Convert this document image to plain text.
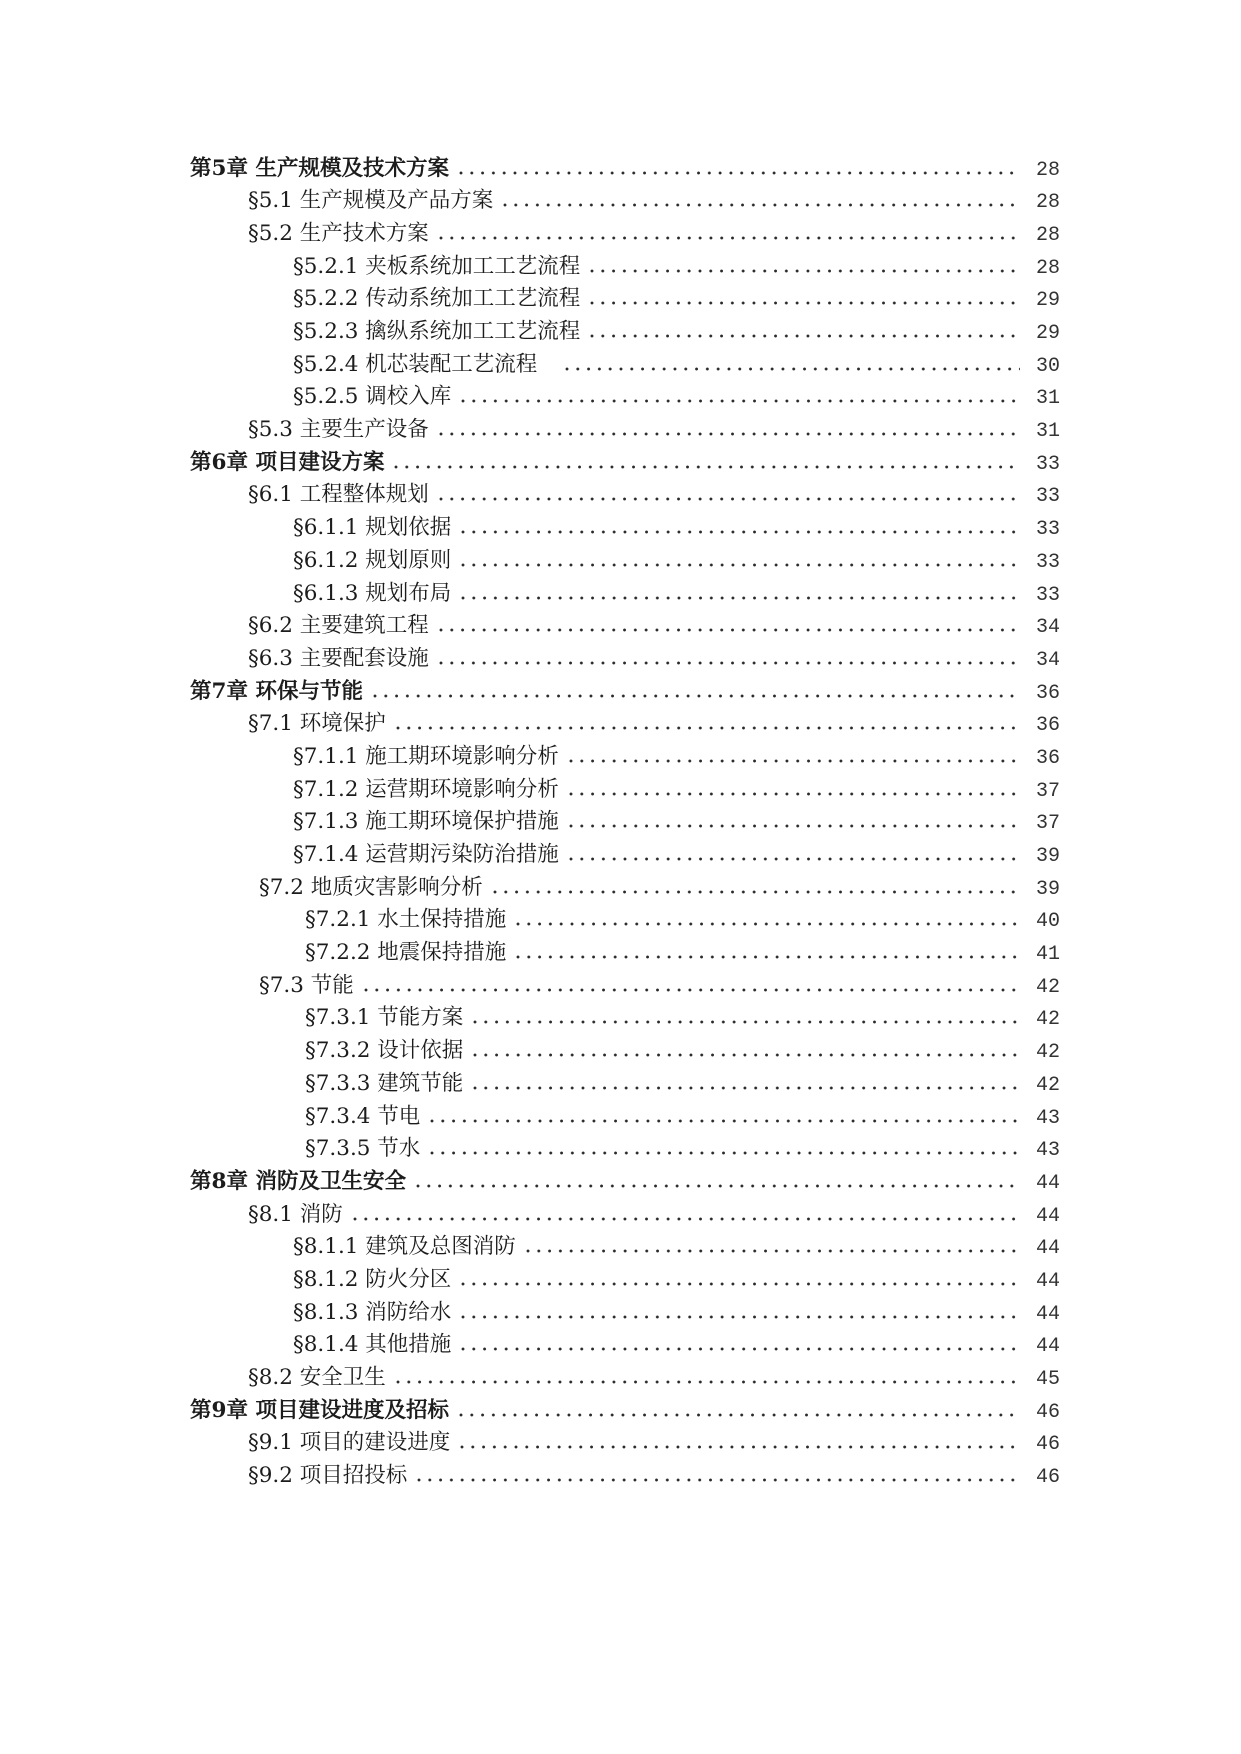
第5章 生产规模及技术方案	28
§5.1 生产规模及产品方案	28
§5.2 生产技术方案	28
§5.2.1 夹板系统加工工艺流程	28
§5.2.2 传动系统加工工艺流程	29
§5.2.3 擒纵系统加工工艺流程	29
§5.2.4 机芯装配工艺流程	30
§5.2.5 调校入库	31
§5.3 主要生产设备	31
第6章 项目建设方案	33
§6.1 工程整体规划	33
§6.1.1 规划依据	33
§6.1.2 规划原则	33
§6.1.3 规划布局	33
§6.2 主要建筑工程	34
§6.3 主要配套设施	34
第7章 环保与节能	36
§7.1 环境保护	36
§7.1.1 施工期环境影响分析	36
§7.1.2 运营期环境影响分析	37
§7.1.3 施工期环境保护措施	37
§7.1.4 运营期污染防治措施	39
§7.2 地质灾害影响分析	39
§7.2.1 水土保持措施	40
§7.2.2 地震保持措施	41
§7.3 节能	42
§7.3.1 节能方案	42
§7.3.2 设计依据	42
§7.3.3 建筑节能	42
§7.3.4 节电	43
§7.3.5 节水	43
第8章 消防及卫生安全	44
§8.1 消防	44
§8.1.1 建筑及总图消防	44
§8.1.2 防火分区	44
§8.1.3 消防给水	44
§8.1.4 其他措施	44
§8.2 安全卫生	45
第9章 项目建设进度及招标	46
§9.1 项目的建设进度	46
§9.2 项目招投标	46
